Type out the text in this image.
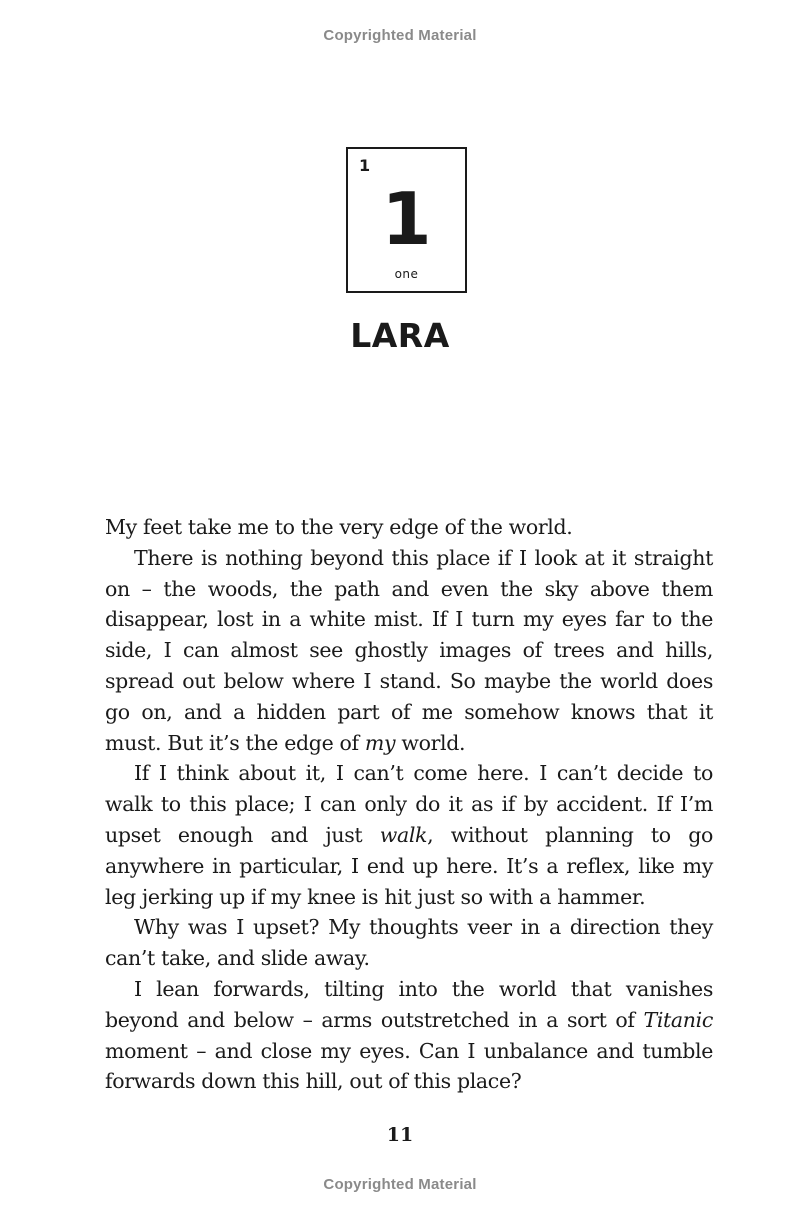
Copyrighted Material
1
1
one
LARA

My feet take me to the very edge of the world.

There is nothing beyond this place if I look at it straight on – the woods, the path and even the sky above them disappear, lost in a white mist. If I turn my eyes far to the side, I can almost see ghostly images of trees and hills, spread out below where I stand. So maybe the world does go on, and a hidden part of me somehow knows that it must. But it’s the edge of my world.

If I think about it, I can’t come here. I can’t decide to walk to this place; I can only do it as if by accident. If I’m upset enough and just walk, without planning to go anywhere in particular, I end up here. It’s a reflex, like my leg jerking up if my knee is hit just so with a hammer.

Why was I upset? My thoughts veer in a direction they can’t take, and slide away.

I lean forwards, tilting into the world that vanishes beyond and below – arms outstretched in a sort of Titanic moment – and close my eyes. Can I unbalance and tumble forwards down this hill, out of this place?

11
Copyrighted Material
